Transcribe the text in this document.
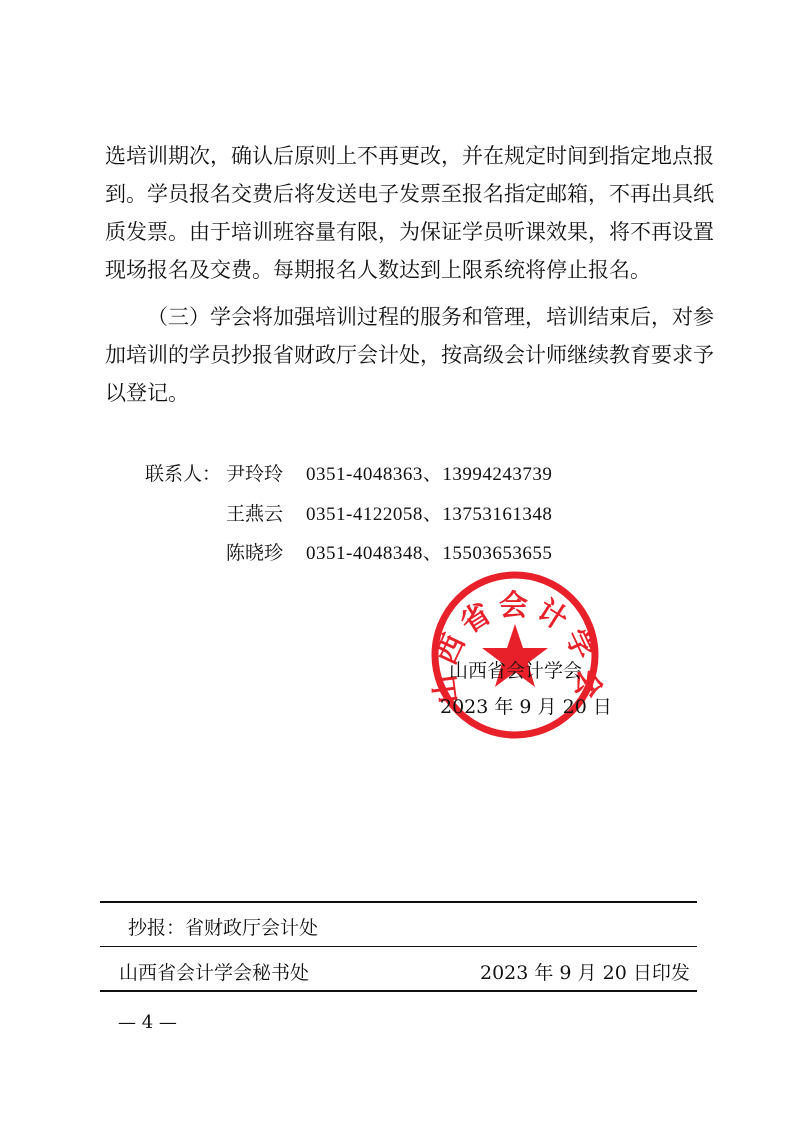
选培训期次，确认后原则上不再更改，并在规定时间到指定地点报
到。学员报名交费后将发送电子发票至报名指定邮箱，不再出具纸
质发票。由于培训班容量有限，为保证学员听课效果，将不再设置
现场报名及交费。每期报名人数达到上限系统将停止报名。
（三）学会将加强培训过程的服务和管理，培训结束后，对参
加培训的学员抄报省财政厅会计处，按高级会计师继续教育要求予
以登记。
联系人： 尹玲玲 0351-4048363、13994243739
王燕云 0351-4122058、13753161348
陈晓珍 0351-4048348、15503653655
山西省会计学会
山西省会计学会
2023 年 9 月 20 日
抄报：省财政厅会计处
山西省会计学会秘书处	2023 年 9 月 20 日印发
— 4 —
